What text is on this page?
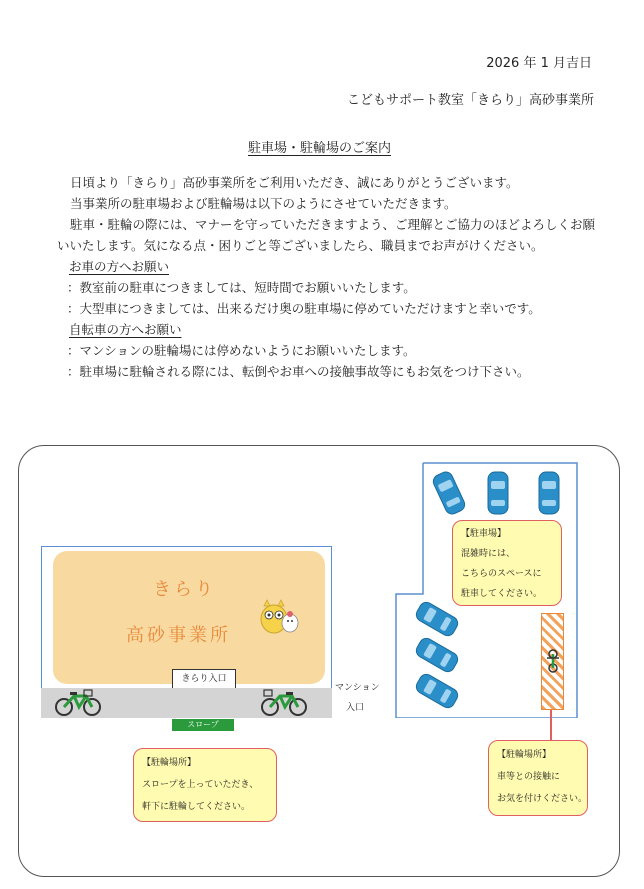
2026 年 1 月吉日
こどもサポート教室「きらり」高砂事業所
駐車場・駐輪場のご案内

日頃より「きらり」高砂事業所をご利用いただき、誠にありがとうございます。

当事業所の駐車場および駐輪場は以下のようにさせていただきます。

駐車・駐輪の際には、マナーを守っていただきますよう、ご理解とご協力のほどよろしくお願いいたします。気になる点・困りごと等ございましたら、職員までお声がけください。

お車の方へお願い

：教室前の駐車につきましては、短時間でお願いいたします。

：大型車につきましては、出来るだけ奥の駐車場に停めていただけますと幸いです。

自転車の方へお願い

：マンションの駐輪場には停めないようにお願いいたします。

：駐車場に駐輪される際には、転倒やお車への接触事故等にもお気をつけ下さい。

きらり
高砂事業所
きらり入口
スロープ
マンション
入口

【駐車場】

混雑時には、

こちらのスペースに

駐車してください。

【駐輪場所】

スロープを上っていただき、

軒下に駐輪してください。

【駐輪場所】

車等との接触に

お気を付けください。
